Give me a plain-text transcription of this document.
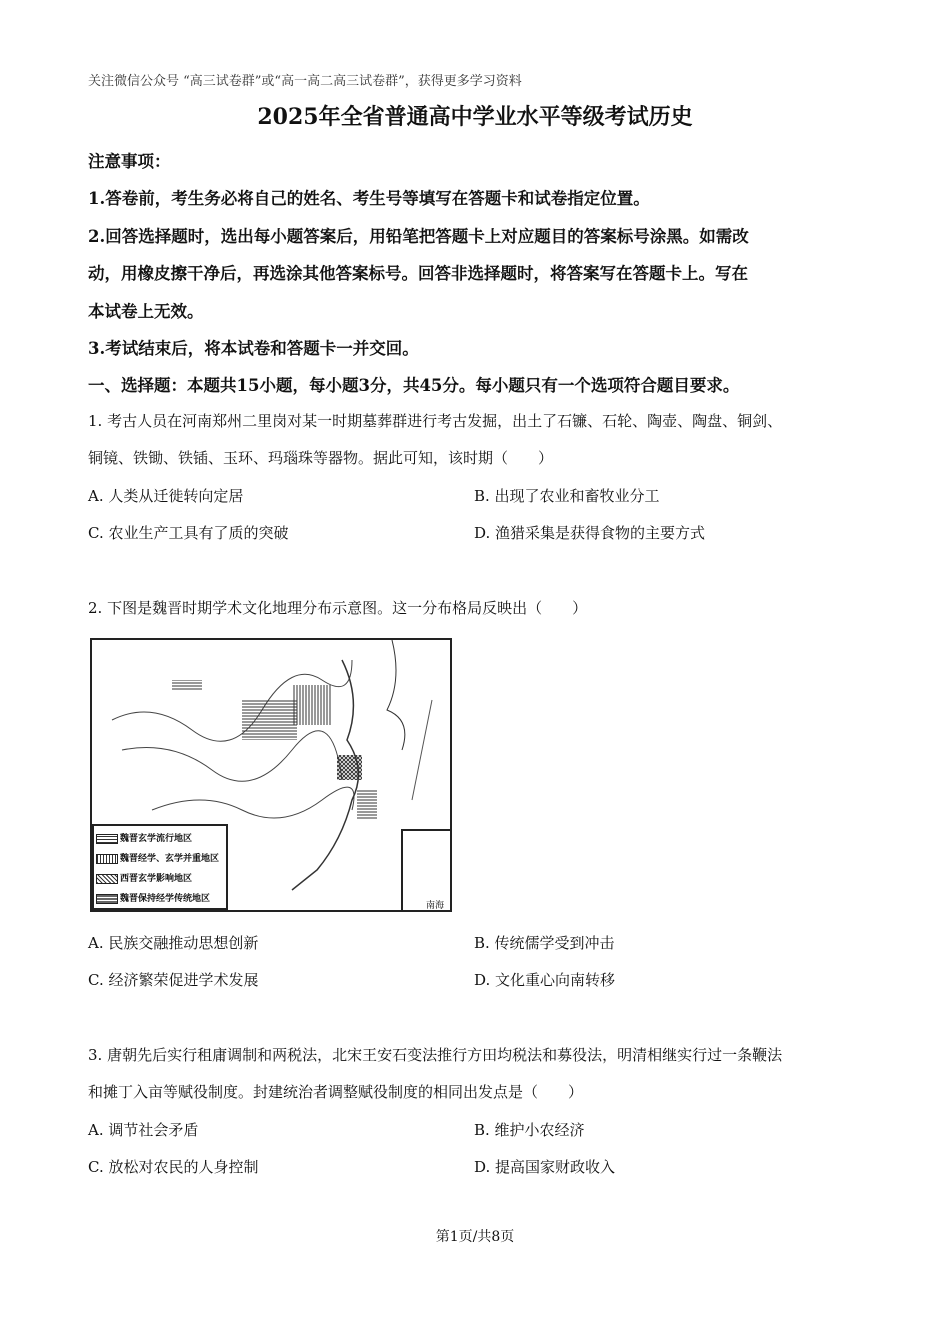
关注微信公众号 “高三试卷群”或“高一高二高三试卷群”，获得更多学习资料
2025年全省普通高中学业水平等级考试历史
注意事项：
1.答卷前，考生务必将自己的姓名、考生号等填写在答题卡和试卷指定位置。
2.回答选择题时，选出每小题答案后，用铅笔把答题卡上对应题目的答案标号涂黑。如需改
动，用橡皮擦干净后，再选涂其他答案标号。回答非选择题时，将答案写在答题卡上。写在
本试卷上无效。
3.考试结束后，将本试卷和答题卡一并交回。
一、选择题：本题共15小题，每小题3分，共45分。每小题只有一个选项符合题目要求。
1. 考古人员在河南郑州二里岗对某一时期墓葬群进行考古发掘，出土了石镰、石轮、陶壶、陶盘、铜剑、
铜镜、铁锄、铁锸、玉环、玛瑙珠等器物。据此可知，该时期（　　）
A. 人类从迁徙转向定居	B. 出现了农业和畜牧业分工
C. 农业生产工具有了质的突破	D. 渔猎采集是获得食物的主要方式
2. 下图是魏晋时期学术文化地理分布示意图。这一分布格局反映出（　　）
南海
魏晋玄学流行地区
魏晋经学、玄学并重地区
西晋玄学影响地区
魏晋保持经学传统地区
A. 民族交融推动思想创新	B. 传统儒学受到冲击
C. 经济繁荣促进学术发展	D. 文化重心向南转移
3. 唐朝先后实行租庸调制和两税法，北宋王安石变法推行方田均税法和募役法，明清相继实行过一条鞭法
和摊丁入亩等赋役制度。封建统治者调整赋役制度的相同出发点是（　　）
A. 调节社会矛盾	B. 维护小农经济
C. 放松对农民的人身控制	D. 提高国家财政收入
第1页/共8页
